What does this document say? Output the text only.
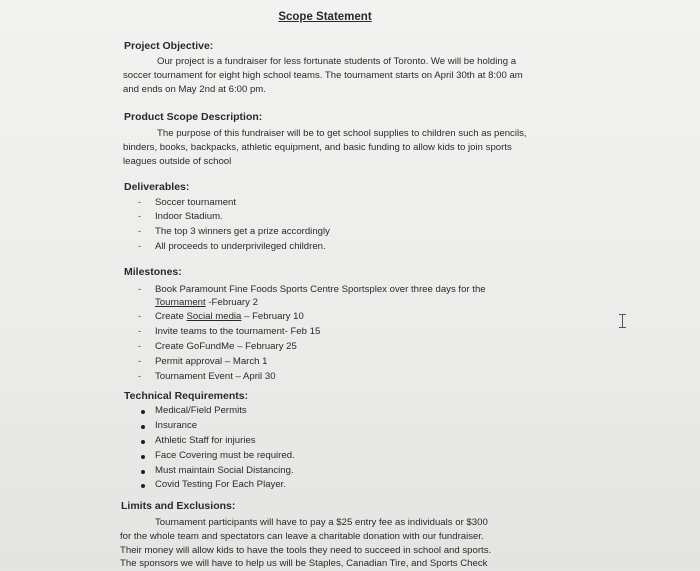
Scope Statement
Project Objective:
Our project is a fundraiser for less fortunate students of Toronto. We will be holding a soccer tournament for eight high school teams. The tournament starts on April 30th at 8:00 am and ends on May 2nd at 6:00 pm.
Product Scope Description:
The purpose of this fundraiser will be to get school supplies to children such as pencils, binders, books, backpacks, athletic equipment, and basic funding to allow kids to join sports leagues outside of school
Deliverables:
- Soccer tournament
- Indoor Stadium.
- The top 3 winners get a prize accordingly
- All proceeds to underprivileged children.
Milestones:
- Book Paramount Fine Foods Sports Centre Sportsplex over three days for the
Tournament -February 2
- Create Social media – February 10
- Invite teams to the tournament- Feb 15
- Create GoFundMe – February 25
- Permit approval – March 1
- Tournament Event – April 30
Technical Requirements:
Medical/Field Permits
Insurance
Athletic Staff for injuries
Face Covering must be required.
Must maintain Social Distancing.
Covid Testing For Each Player.
Limits and Exclusions:
Tournament participants will have to pay a $25 entry fee as individuals or $300
for the whole team and spectators can leave a charitable donation with our fundraiser.
Their money will allow kids to have the tools they need to succeed in school and sports.
The sponsors we will have to help us will be Staples, Canadian Tire, and Sports Check
